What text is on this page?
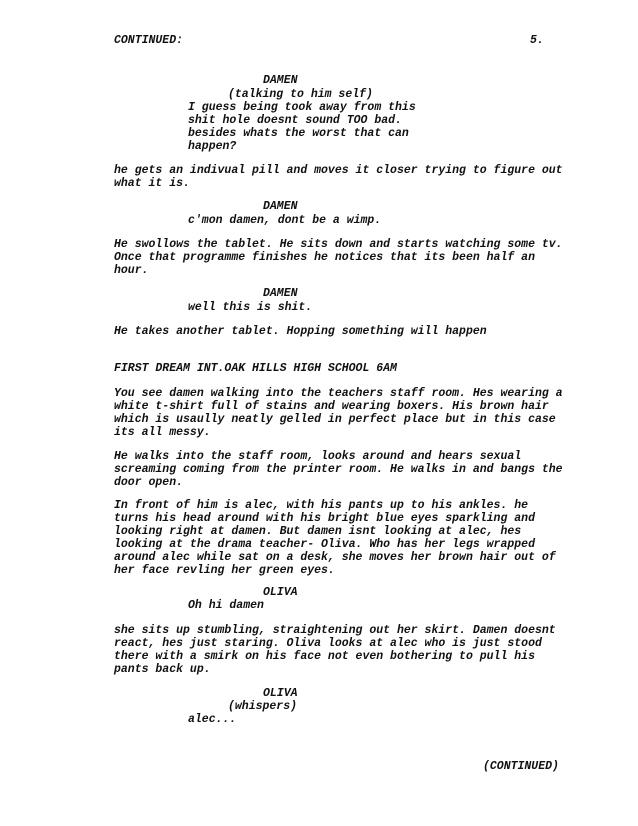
CONTINUED:	5.
DAMEN
(talking to him self)
I guess being took away from this shit hole doesnt sound TOO bad. besides whats the worst that can happen?
he gets an indivual pill and moves it closer trying to figure out what it is.
DAMEN
c'mon damen, dont be a wimp.
He swollows the tablet. He sits down and starts watching some tv. Once that programme finishes he notices that its been half an hour.
DAMEN
well this is shit.
He takes another tablet. Hopping something will happen
FIRST DREAM INT.OAK HILLS HIGH SCHOOL 6AM
You see damen walking into the teachers staff room. Hes wearing a white t-shirt full of stains and wearing boxers. His brown hair which is usaully neatly gelled in perfect place but in this case its all messy.
He walks into the staff room, looks around and hears sexual screaming coming from the printer room. He walks in and bangs the door open.
In front of him is alec, with his pants up to his ankles. he turns his head around with his bright blue eyes sparkling and looking right at damen. But damen isnt looking at alec, hes looking at the drama teacher- Oliva. Who has her legs wrapped around alec while sat on a desk, she moves her brown hair out of her face revling her green eyes.
OLIVA
Oh hi damen
she sits up stumbling, straightening out her skirt. Damen doesnt react, hes just staring. Oliva looks at alec who is just stood there with a smirk on his face not even bothering to pull his pants back up.
OLIVA
(whispers)
alec...
(CONTINUED)
